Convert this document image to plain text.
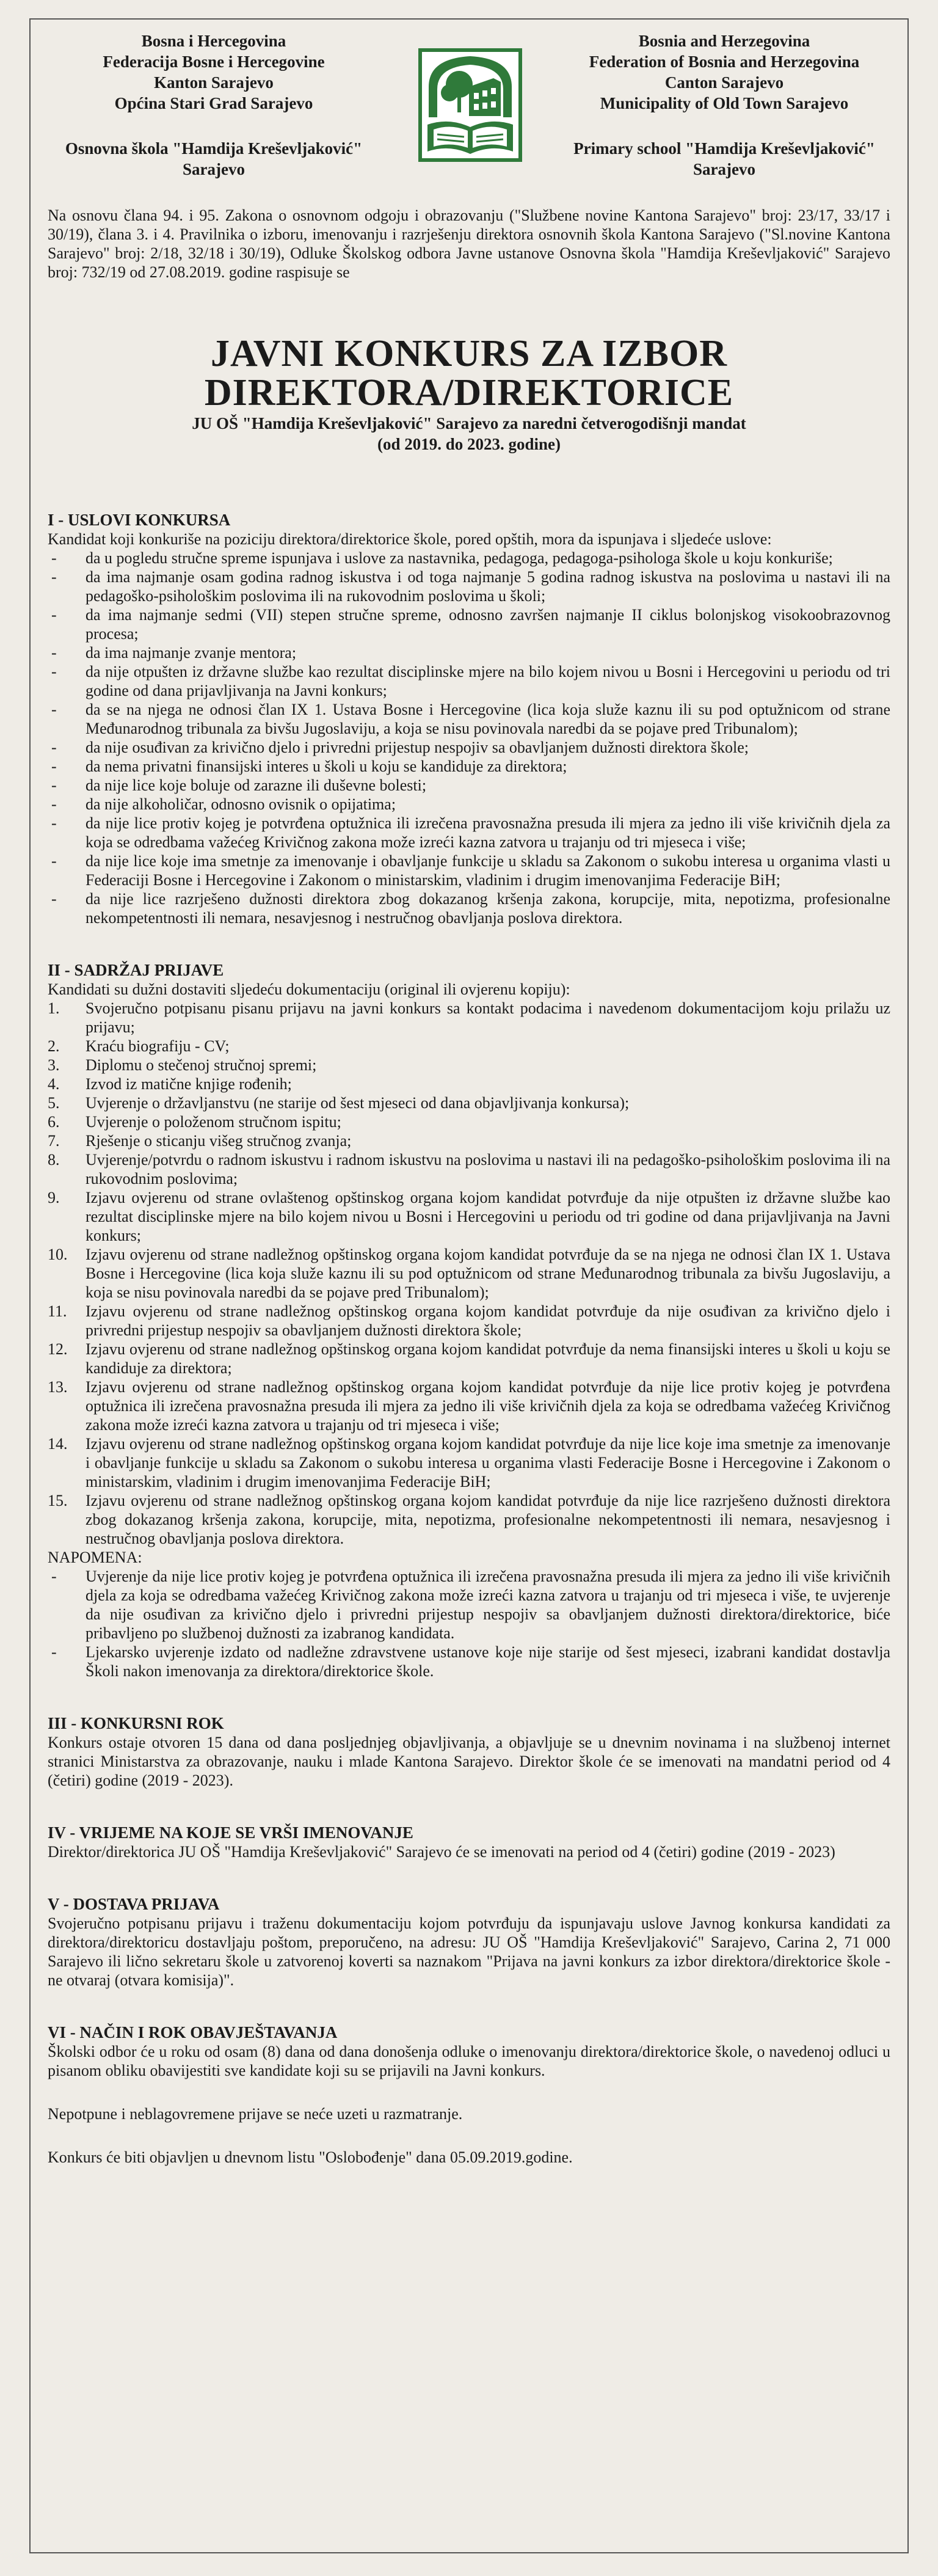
Bosna i Hercegovina
Federacija Bosne i Hercegovine
Kanton Sarajevo
Općina Stari Grad Sarajevo
Osnovna škola "Hamdija Kreševljaković"
Sarajevo
Bosnia and Herzegovina
Federation of Bosnia and Herzegovina
Canton Sarajevo
Municipality of Old Town Sarajevo
Primary school "Hamdija Kreševljaković"
Sarajevo

Na osnovu člana 94. i 95. Zakona o osnovnom odgoju i obrazovanju ("Službene novine Kantona Sarajevo" broj: 23/17, 33/17 i 30/19), člana 3. i 4. Pravilnika o izboru, imenovanju i razrješenju direktora osnovnih škola Kantona Sarajevo ("Sl.novine Kantona Sarajevo" broj: 2/18, 32/18 i 30/19), Odluke Školskog odbora Javne ustanove Osnovna škola "Hamdija Kreševljaković" Sarajevo broj: 732/19 od 27.08.2019. godine raspisuje se

JAVNI KONKURS ZA IZBOR

DIREKTORA/DIREKTORICE

JU OŠ "Hamdija Kreševljaković" Sarajevo za naredni četverogodišnji mandat

(od 2019. do 2023. godine)

I - USLOVI KONKURSA

Kandidat koji konkuriše na poziciju direktora/direktorice škole, pored opštih, mora da ispunjava i sljedeće uslove:

- da u pogledu stručne spreme ispunjava i uslove za nastavnika, pedagoga, pedagoga-psihologa škole u koju konkuriše;
- da ima najmanje osam godina radnog iskustva i od toga najmanje 5 godina radnog iskustva na poslovima u nastavi ili na pedagoško-psihološkim poslovima ili na rukovodnim poslovima u školi;
- da ima najmanje sedmi (VII) stepen stručne spreme, odnosno završen najmanje II ciklus bolonjskog visokoobrazovnog procesa;
- da ima najmanje zvanje mentora;
- da nije otpušten iz državne službe kao rezultat disciplinske mjere na bilo kojem nivou u Bosni i Hercegovini u periodu od tri godine od dana prijavljivanja na Javni konkurs;
- da se na njega ne odnosi član IX 1. Ustava Bosne i Hercegovine (lica koja služe kaznu ili su pod optužnicom od strane Međunarodnog tribunala za bivšu Jugoslaviju, a koja se nisu povinovala naredbi da se pojave pred Tribunalom);
- da nije osuđivan za krivično djelo i privredni prijestup nespojiv sa obavljanjem dužnosti direktora škole;
- da nema privatni finansijski interes u školi u koju se kandiduje za direktora;
- da nije lice koje boluje od zarazne ili duševne bolesti;
- da nije alkoholičar, odnosno ovisnik o opijatima;
- da nije lice protiv kojeg je potvrđena optužnica ili izrečena pravosnažna presuda ili mjera za jedno ili više krivičnih djela za koja se odredbama važećeg Krivičnog zakona može izreći kazna zatvora u trajanju od tri mjeseca i više;
- da nije lice koje ima smetnje za imenovanje i obavljanje funkcije u skladu sa Zakonom o sukobu interesa u organima vlasti u Federaciji Bosne i Hercegovine i Zakonom o ministarskim, vladinim i drugim imenovanjima Federacije BiH;
- da nije lice razrješeno dužnosti direktora zbog dokazanog kršenja zakona, korupcije, mita, nepotizma, profesionalne nekompetentnosti ili nemara, nesavjesnog i nestručnog obavljanja poslova direktora.

II - SADRŽAJ PRIJAVE

Kandidati su dužni dostaviti sljedeću dokumentaciju (original ili ovjerenu kopiju):

1.	Svojeručno potpisanu pisanu prijavu na javni konkurs sa kontakt podacima i navedenom dokumentacijom koju prilažu uz prijavu;
2.	Kraću biografiju - CV;
3.	Diplomu o stečenoj stručnoj spremi;
4.	Izvod iz matične knjige rođenih;
5.	Uvjerenje o državljanstvu (ne starije od šest mjeseci od dana objavljivanja konkursa);
6.	Uvjerenje o položenom stručnom ispitu;
7.	Rješenje o sticanju višeg stručnog zvanja;
8.	Uvjerenje/potvrdu o radnom iskustvu i radnom iskustvu na poslovima u nastavi ili na pedagoško-psihološkim poslovima ili na rukovodnim poslovima;
9.	Izjavu ovjerenu od strane ovlaštenog opštinskog organa kojom kandidat potvrđuje da nije otpušten iz državne službe kao rezultat disciplinske mjere na bilo kojem nivou u Bosni i Hercegovini u periodu od tri godine od dana prijavljivanja na Javni konkurs;
10. Izjavu ovjerenu od strane nadležnog opštinskog organa kojom kandidat potvrđuje da se na njega ne odnosi član IX 1. Ustava Bosne i Hercegovine (lica koja služe kaznu ili su pod optužnicom od strane Međunarodnog tribunala za bivšu Jugoslaviju, a koja se nisu povinovala naredbi da se pojave pred Tribunalom);
11.	Izjavu ovjerenu od strane nadležnog opštinskog organa kojom kandidat potvrđuje da nije osuđivan za krivično djelo i privredni prijestup nespojiv sa obavljanjem dužnosti direktora škole;
12. Izjavu ovjerenu od strane nadležnog opštinskog organa kojom kandidat potvrđuje da nema finansijski interes u školi u koju se kandiduje za direktora;
13. Izjavu ovjerenu od strane nadležnog opštinskog organa kojom kandidat potvrđuje da nije lice protiv kojeg je potvrđena optužnica ili izrečena pravosnažna presuda ili mjera za jedno ili više krivičnih djela za koja se odredbama važećeg Krivičnog zakona može izreći kazna zatvora u trajanju od tri mjeseca i više;
14. Izjavu ovjerenu od strane nadležnog opštinskog organa kojom kandidat potvrđuje da nije lice koje ima smetnje za imenovanje i obavljanje funkcije u skladu sa Zakonom o sukobu interesa u organima vlasti Federacije Bosne i Hercegovine i Zakonom o ministarskim, vladinim i drugim imenovanjima Federacije BiH;
15. Izjavu ovjerenu od strane nadležnog opštinskog organa kojom kandidat potvrđuje da nije lice razrješeno dužnosti direktora zbog dokazanog kršenja zakona, korupcije, mita, nepotizma, profesionalne nekompetentnosti ili nemara, nesavjesnog i nestručnog obavljanja poslova direktora.

NAPOMENA:

- Uvjerenje da nije lice protiv kojeg je potvrđena optužnica ili izrečena pravosnažna presuda ili mjera za jedno ili više krivičnih djela za koja se odredbama važećeg Krivičnog zakona može izreći kazna zatvora u trajanju od tri mjeseca i više, te uvjerenje da nije osuđivan za krivično djelo i privredni prijestup nespojiv sa obavljanjem dužnosti direktora/direktorice, biće pribavljeno po službenoj dužnosti za izabranog kandidata.
- Ljekarsko uvjerenje izdato od nadležne zdravstvene ustanove koje nije starije od šest mjeseci, izabrani kandidat dostavlja Školi nakon imenovanja za direktora/direktorice škole.

III - KONKURSNI ROK

Konkurs ostaje otvoren 15 dana od dana posljednjeg objavljivanja, a objavljuje se u dnevnim novinama i na službenoj internet stranici Ministarstva za obrazovanje, nauku i mlade Kantona Sarajevo. Direktor škole će se imenovati na mandatni period od 4 (četiri) godine (2019 - 2023).

IV - VRIJEME NA KOJE SE VRŠI IMENOVANJE

Direktor/direktorica JU OŠ "Hamdija Kreševljaković" Sarajevo će se imenovati na period od 4 (četiri) godine (2019 - 2023)

V - DOSTAVA PRIJAVA

Svojeručno potpisanu prijavu i traženu dokumentaciju kojom potvrđuju da ispunjavaju uslove Javnog konkursa kandidati za direktora/direktoricu dostavljaju poštom, preporučeno, na adresu: JU OŠ "Hamdija Kreševljaković" Sarajevo, Carina 2, 71 000 Sarajevo ili lično sekretaru škole u zatvorenoj koverti sa naznakom "Prijava na javni konkurs za izbor direktora/direktorice škole - ne otvaraj (otvara komisija)".

VI - NAČIN I ROK OBAVJEŠTAVANJA

Školski odbor će u roku od osam (8) dana od dana donošenja odluke o imenovanju direktora/direktorice škole, o navedenoj odluci u pisanom obliku obavijestiti sve kandidate koji su se prijavili na Javni konkurs.

Nepotpune i neblagovremene prijave se neće uzeti u razmatranje.

Konkurs će biti objavljen u dnevnom listu "Oslobođenje" dana 05.09.2019.godine.
